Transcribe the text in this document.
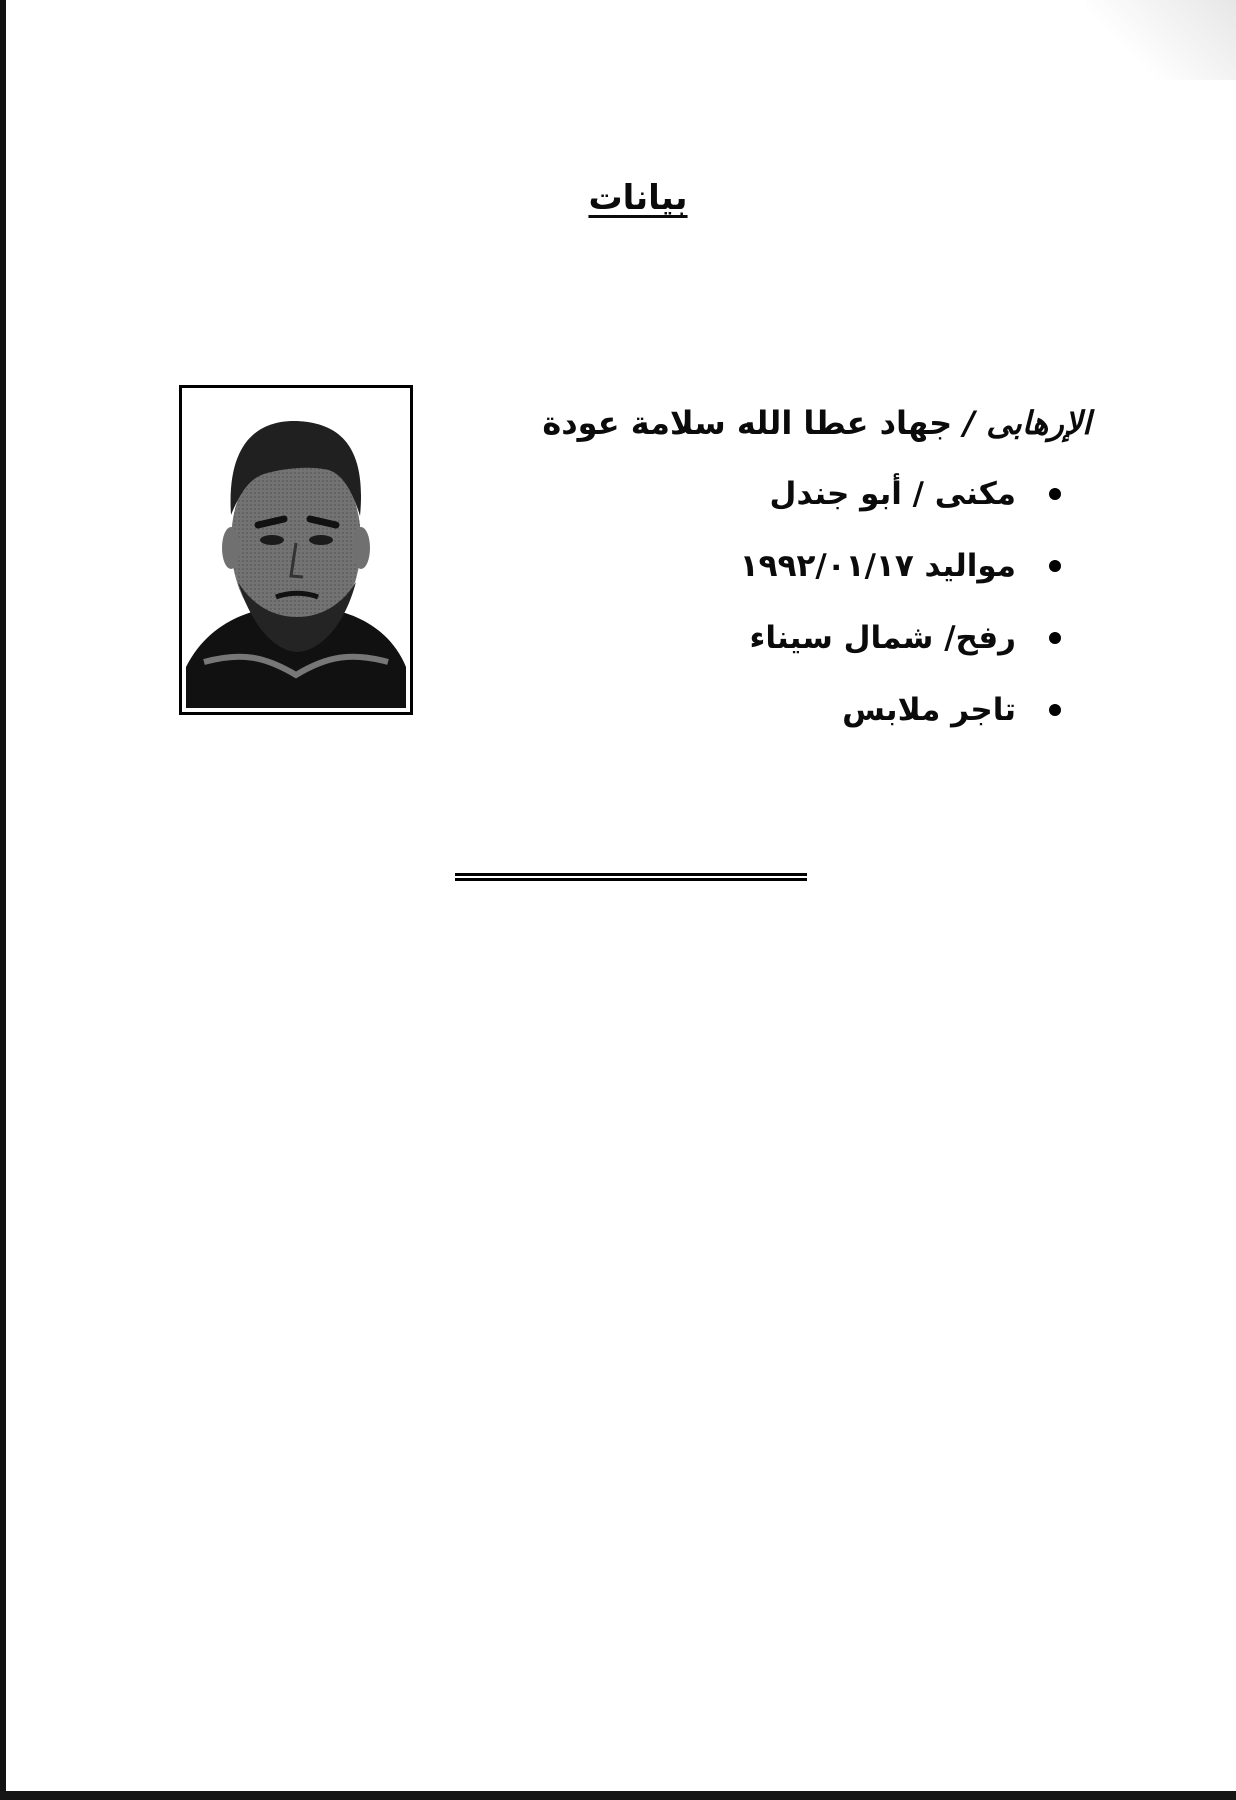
بيانات
الإرهابى / جهاد عطا الله سلامة عودة
مكنى / أبو جندل
مواليد ١٩٩٢/٠١/١٧
رفح/ شمال سيناء
تاجر ملابس
